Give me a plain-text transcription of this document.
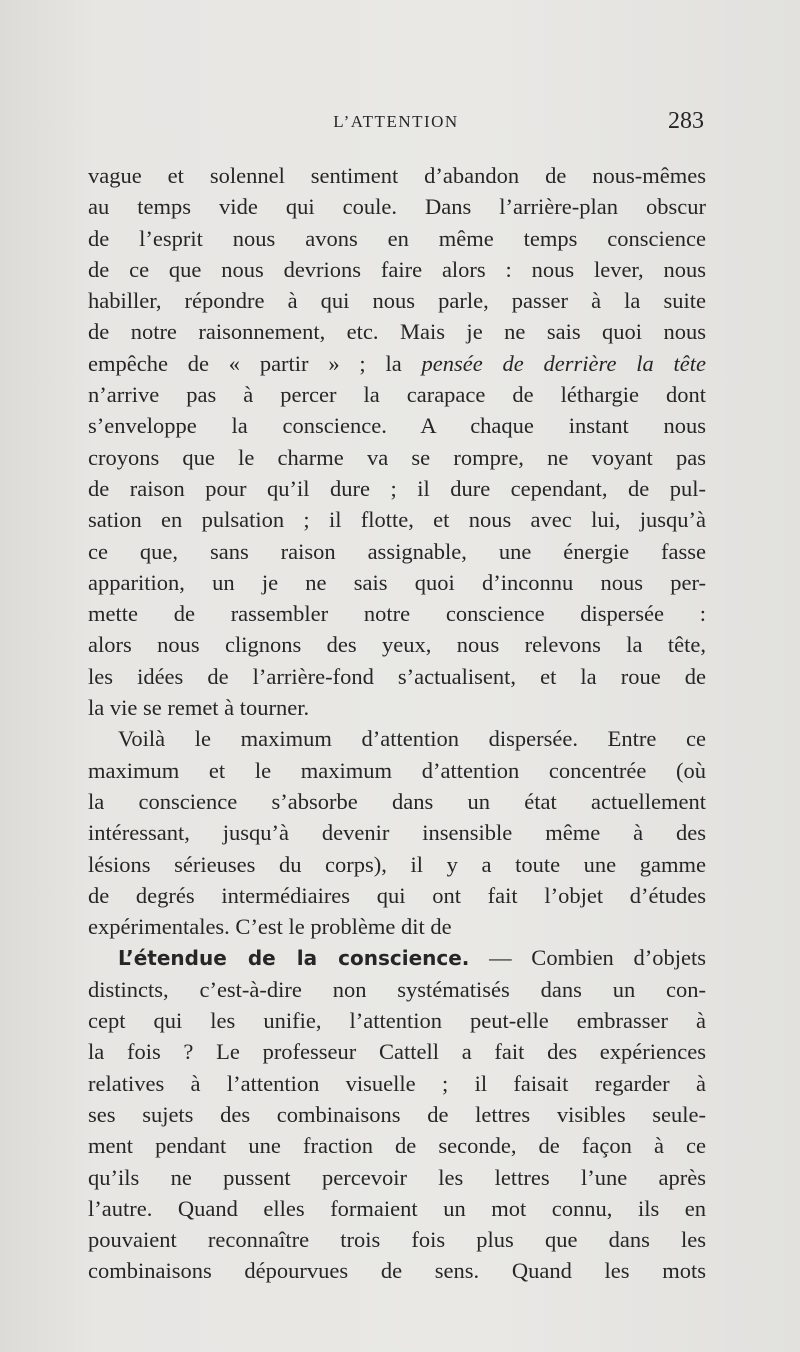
L’ATTENTION	283
vague et solennel sentiment d’abandon de nous-mêmes
au temps vide qui coule. Dans l’arrière-plan obscur
de l’esprit nous avons en même temps conscience
de ce que nous devrions faire alors : nous lever, nous
habiller, répondre à qui nous parle, passer à la suite
de notre raisonnement, etc. Mais je ne sais quoi nous
empêche de « partir » ; la pensée de derrière la tête
n’arrive pas à percer la carapace de léthargie dont
s’enveloppe la conscience. A chaque instant nous
croyons que le charme va se rompre, ne voyant pas
de raison pour qu’il dure ; il dure cependant, de pul-
sation en pulsation ; il flotte, et nous avec lui, jusqu’à
ce que, sans raison assignable, une énergie fasse
apparition, un je ne sais quoi d’inconnu nous per-
mette de rassembler notre conscience dispersée :
alors nous clignons des yeux, nous relevons la tête,
les idées de l’arrière-fond s’actualisent, et la roue de
la vie se remet à tourner.
Voilà le maximum d’attention dispersée. Entre ce
maximum et le maximum d’attention concentrée (où
la conscience s’absorbe dans un état actuellement
intéressant, jusqu’à devenir insensible même à des
lésions sérieuses du corps), il y a toute une gamme
de degrés intermédiaires qui ont fait l’objet d’études
expérimentales. C’est le problème dit de
L’étendue de la conscience. — Combien d’objets
distincts, c’est-à-dire non systématisés dans un con-
cept qui les unifie, l’attention peut-elle embrasser à
la fois ? Le professeur Cattell a fait des expériences
relatives à l’attention visuelle ; il faisait regarder à
ses sujets des combinaisons de lettres visibles seule-
ment pendant une fraction de seconde, de façon à ce
qu’ils ne pussent percevoir les lettres l’une après
l’autre. Quand elles formaient un mot connu, ils en
pouvaient reconnaître trois fois plus que dans les
combinaisons dépourvues de sens. Quand les mots
